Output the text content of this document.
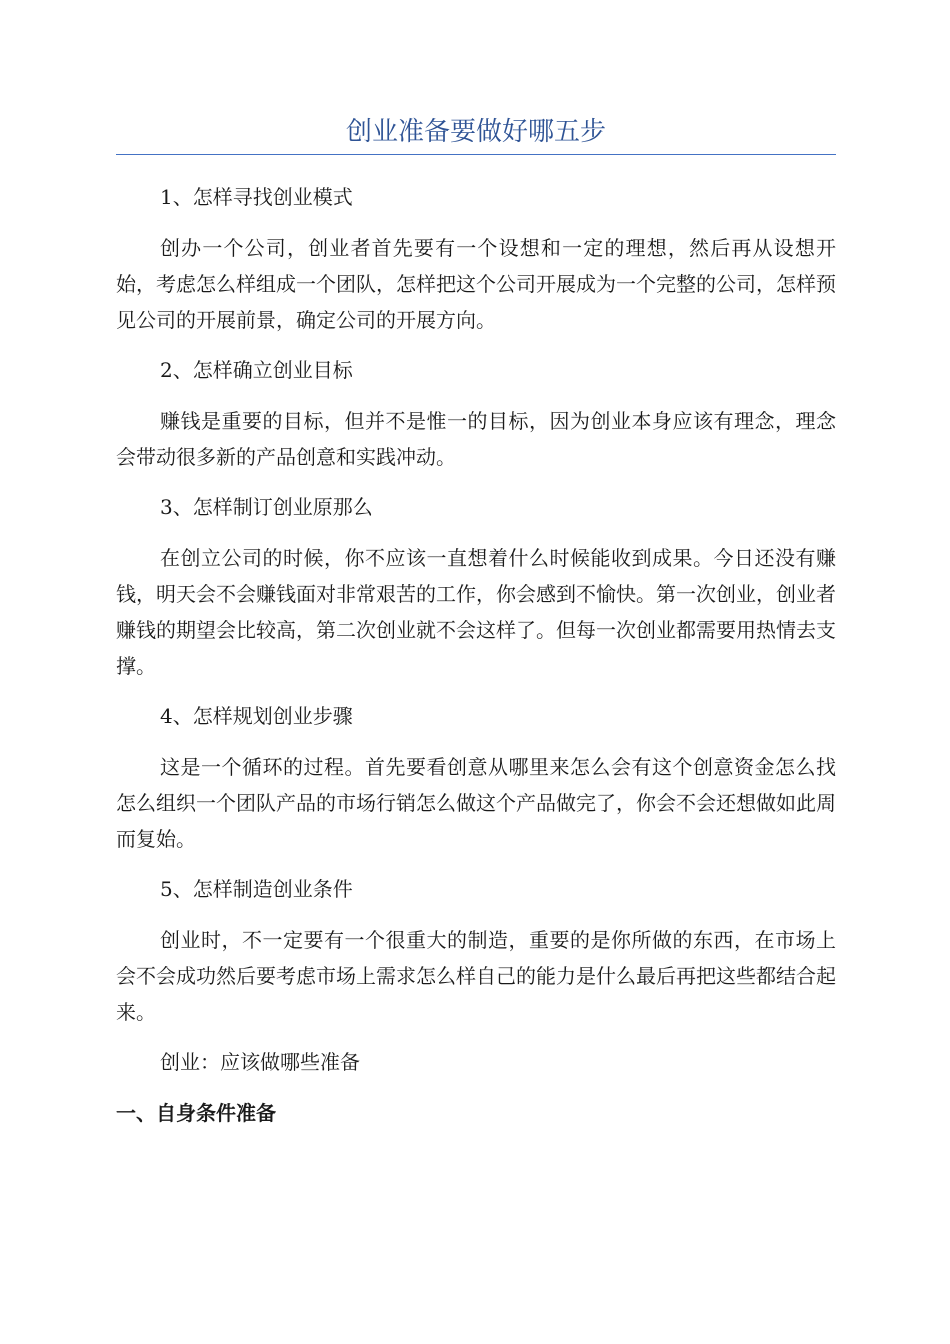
创业准备要做好哪五步

1、怎样寻找创业模式

创办一个公司，创业者首先要有一个设想和一定的理想，然后再从设想开始，考虑怎么样组成一个团队，怎样把这个公司开展成为一个完整的公司，怎样预见公司的开展前景，确定公司的开展方向。

2、怎样确立创业目标

赚钱是重要的目标，但并不是惟一的目标，因为创业本身应该有理念，理念会带动很多新的产品创意和实践冲动。

3、怎样制订创业原那么

在创立公司的时候，你不应该一直想着什么时候能收到成果。今日还没有赚钱，明天会不会赚钱面对非常艰苦的工作，你会感到不愉快。第一次创业，创业者赚钱的期望会比较高，第二次创业就不会这样了。但每一次创业都需要用热情去支撑。

4、怎样规划创业步骤

这是一个循环的过程。首先要看创意从哪里来怎么会有这个创意资金怎么找怎么组织一个团队产品的市场行销怎么做这个产品做完了，你会不会还想做如此周而复始。

5、怎样制造创业条件

创业时，不一定要有一个很重大的制造，重要的是你所做的东西，在市场上会不会成功然后要考虑市场上需求怎么样自己的能力是什么最后再把这些都结合起来。

创业：应该做哪些准备

一、自身条件准备
